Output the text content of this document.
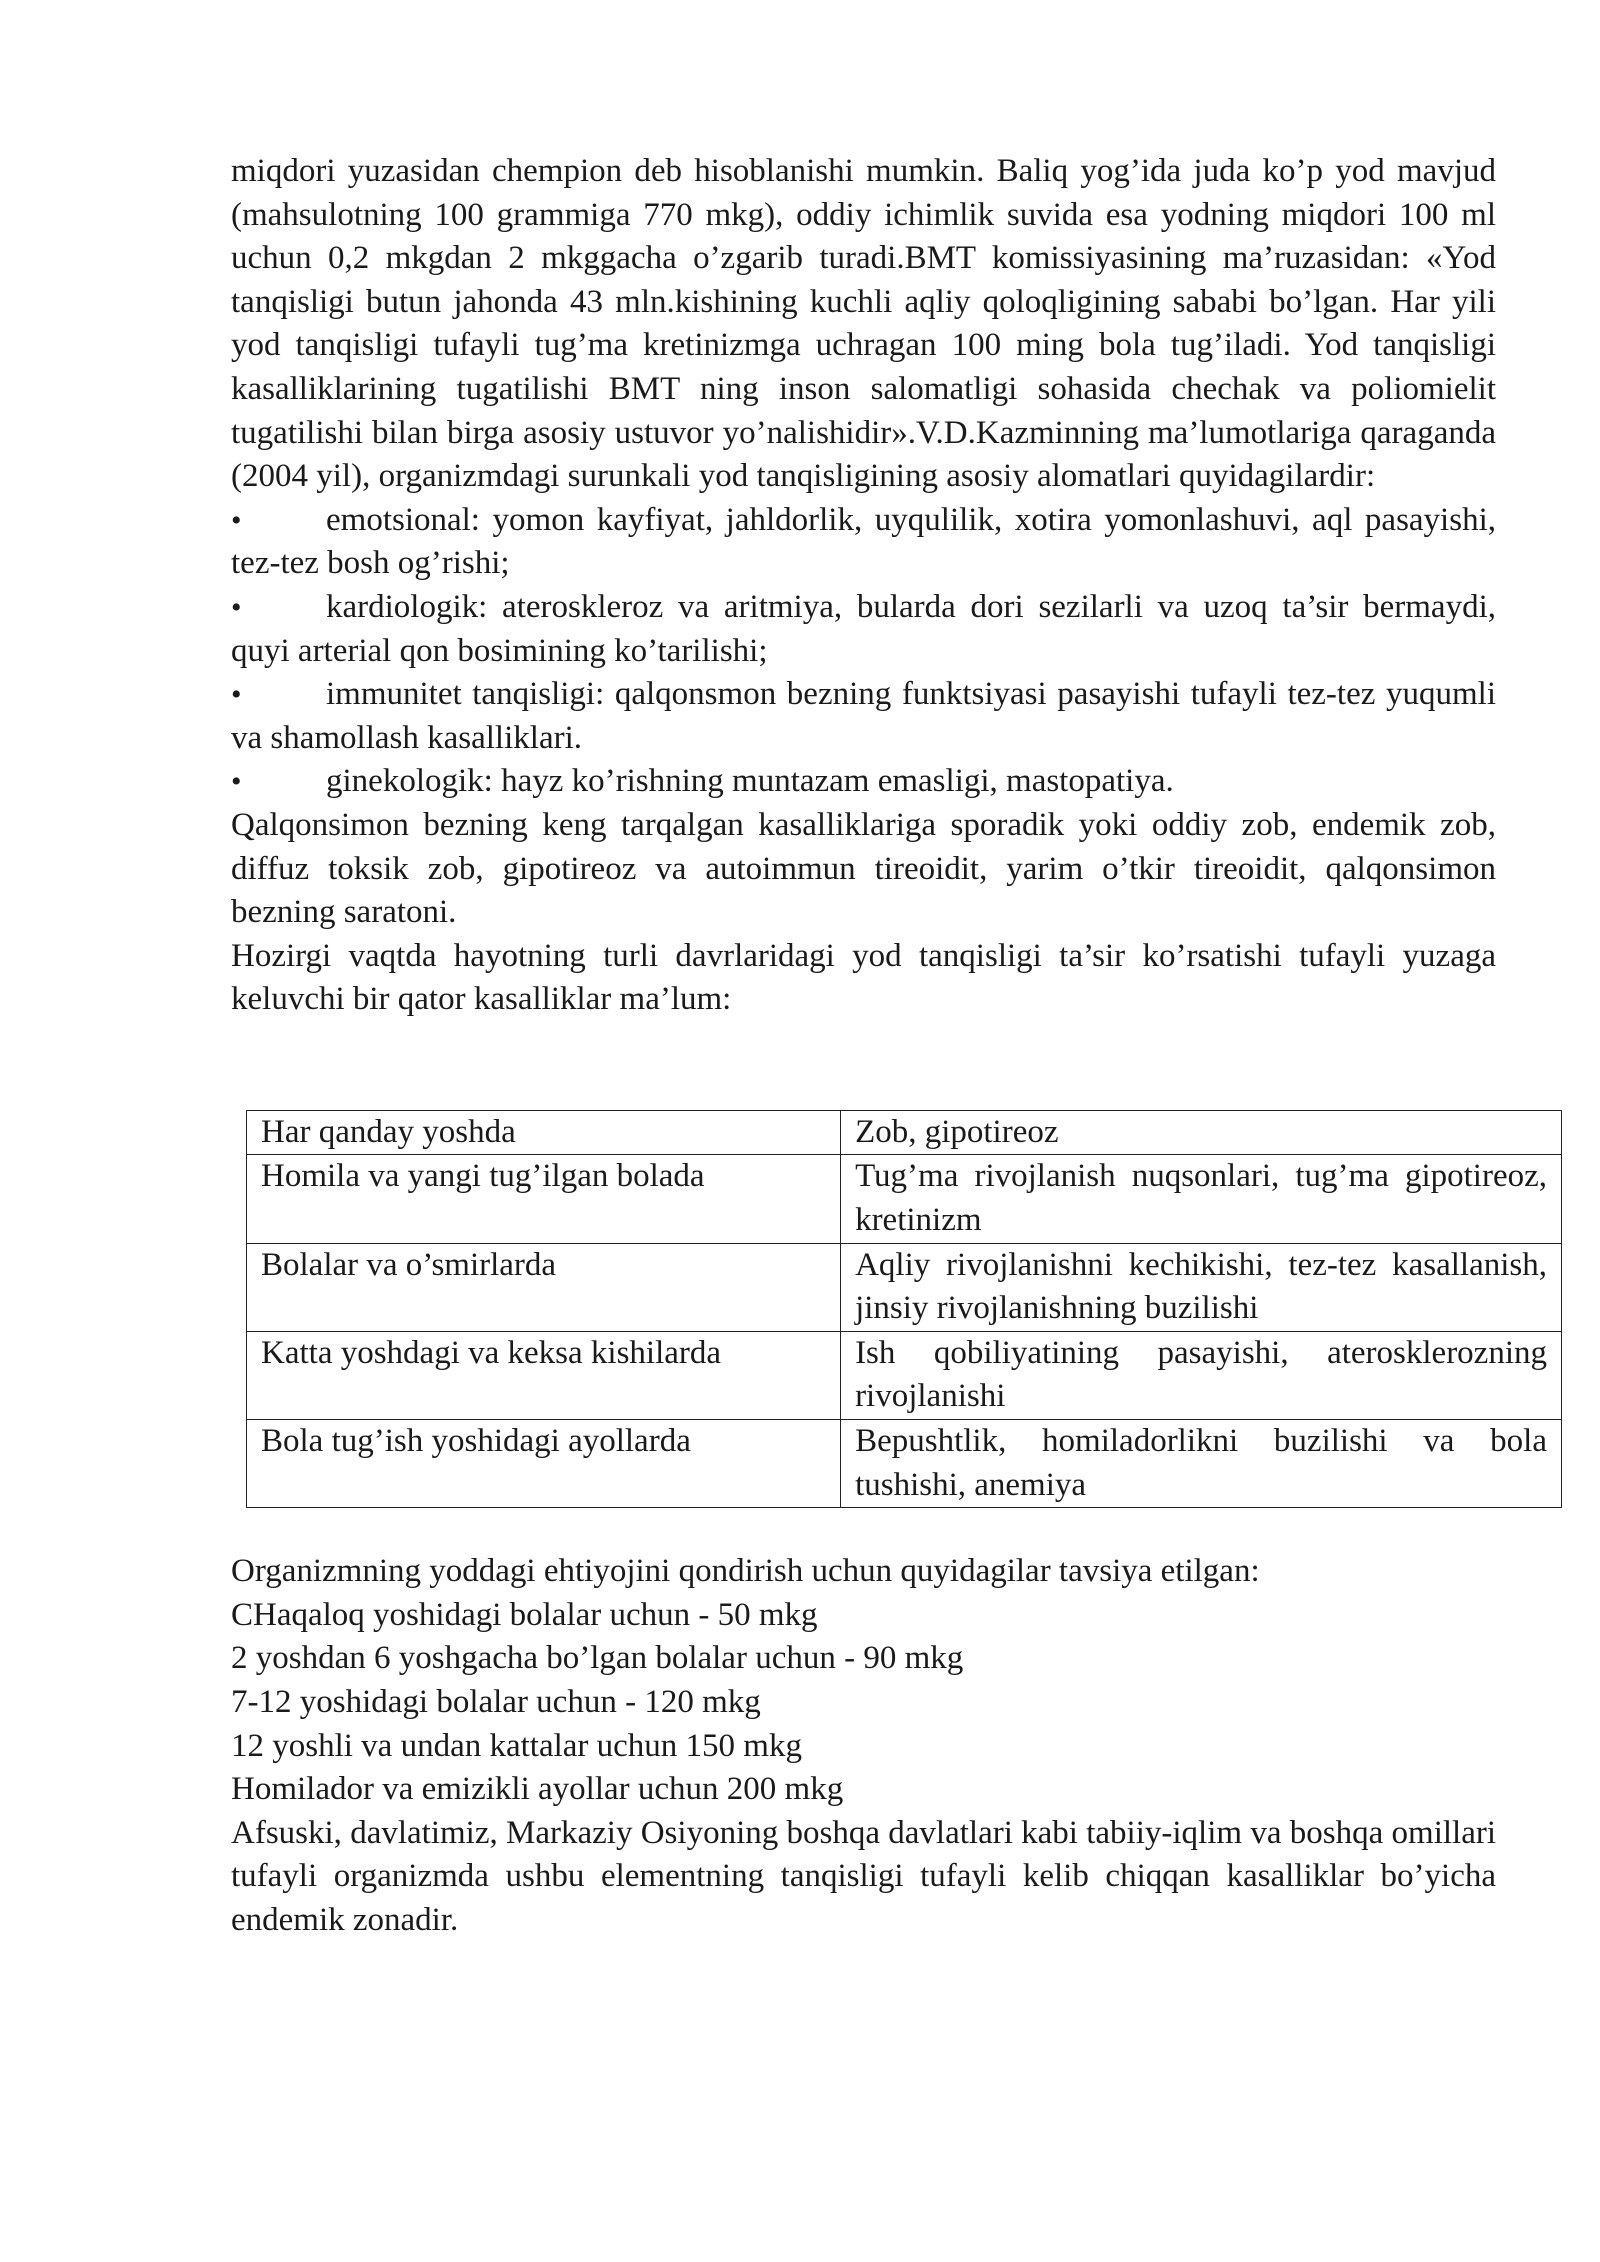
miqdori yuzasidan chempion deb hisoblanishi mumkin. Baliq yog’ida juda ko’p yod mavjud (mahsulotning 100 grammiga 770 mkg), oddiy ichimlik suvida esa yodning miqdori 100 ml uchun 0,2 mkgdan 2 mkggacha o’zgarib turadi.BMT komissiyasining ma’ruzasidan: «Yod tanqisligi butun jahonda 43 mln.kishining kuchli aqliy qoloqligining sababi bo’lgan. Har yili yod tanqisligi tufayli tug’ma kretinizmga uchragan 100 ming bola tug’iladi. Yod tanqisligi kasalliklarining tugatilishi BMT ning inson salomatligi sohasida chechak va poliomielit tugatilishi bilan birga asosiy ustuvor yo’nalishidir».V.D.Kazminning ma’lumotlariga qaraganda (2004 yil), organizmdagi surunkali yod tanqisligining asosiy alomatlari quyidagilardir:

•	emotsional: yomon kayfiyat, jahldorlik, uyqulilik, xotira yomonlashuvi, aql pasayishi, tez-tez bosh og’rishi;
•	kardiologik: ateroskleroz va aritmiya, bularda dori sezilarli va uzoq ta’sir bermaydi, quyi arterial qon bosimining ko’tarilishi;
•	immunitet tanqisligi: qalqonsmon bezning funktsiyasi pasayishi tufayli tez-tez yuqumli va shamollash kasalliklari.
•	ginekologik: hayz ko’rishning muntazam emasligi, mastopatiya.

Qalqonsimon bezning keng tarqalgan kasalliklariga sporadik yoki oddiy zob, endemik zob, diffuz toksik zob, gipotireoz va autoimmun tireoidit, yarim o’tkir tireoidit, qalqonsimon bezning saratoni.

Hozirgi vaqtda hayotning turli davrlaridagi yod tanqisligi ta’sir ko’rsatishi tufayli yuzaga keluvchi bir qator kasalliklar ma’lum:

Har qanday yoshda	Zob, gipotireoz
Homila va yangi tug’ilgan bolada	Tug’ma rivojlanish nuqsonlari, tug’ma gipotireoz, kretinizm
Bolalar va o’smirlarda	Aqliy rivojlanishni kechikishi, tez-tez kasallanish, jinsiy rivojlanishning buzilishi
Katta yoshdagi va keksa kishilarda	Ish qobiliyatining pasayishi, aterosklerozning rivojlanishi
Bola tug’ish yoshidagi ayollarda	Bepushtlik, homiladorlikni buzilishi va bola tushishi, anemiya

Organizmning yoddagi ehtiyojini qondirish uchun quyidagilar tavsiya etilgan:

CHaqaloq yoshidagi bolalar uchun - 50 mkg
2 yoshdan 6 yoshgacha bo’lgan bolalar uchun - 90 mkg
7-12 yoshidagi bolalar uchun - 120 mkg
12 yoshli va undan kattalar uchun 150 mkg
Homilador va emizikli ayollar uchun 200 mkg

Afsuski, davlatimiz, Markaziy Osiyoning boshqa davlatlari kabi tabiiy-iqlim va boshqa omillari tufayli organizmda ushbu elementning tanqisligi tufayli kelib chiqqan kasalliklar bo’yicha endemik zonadir.
